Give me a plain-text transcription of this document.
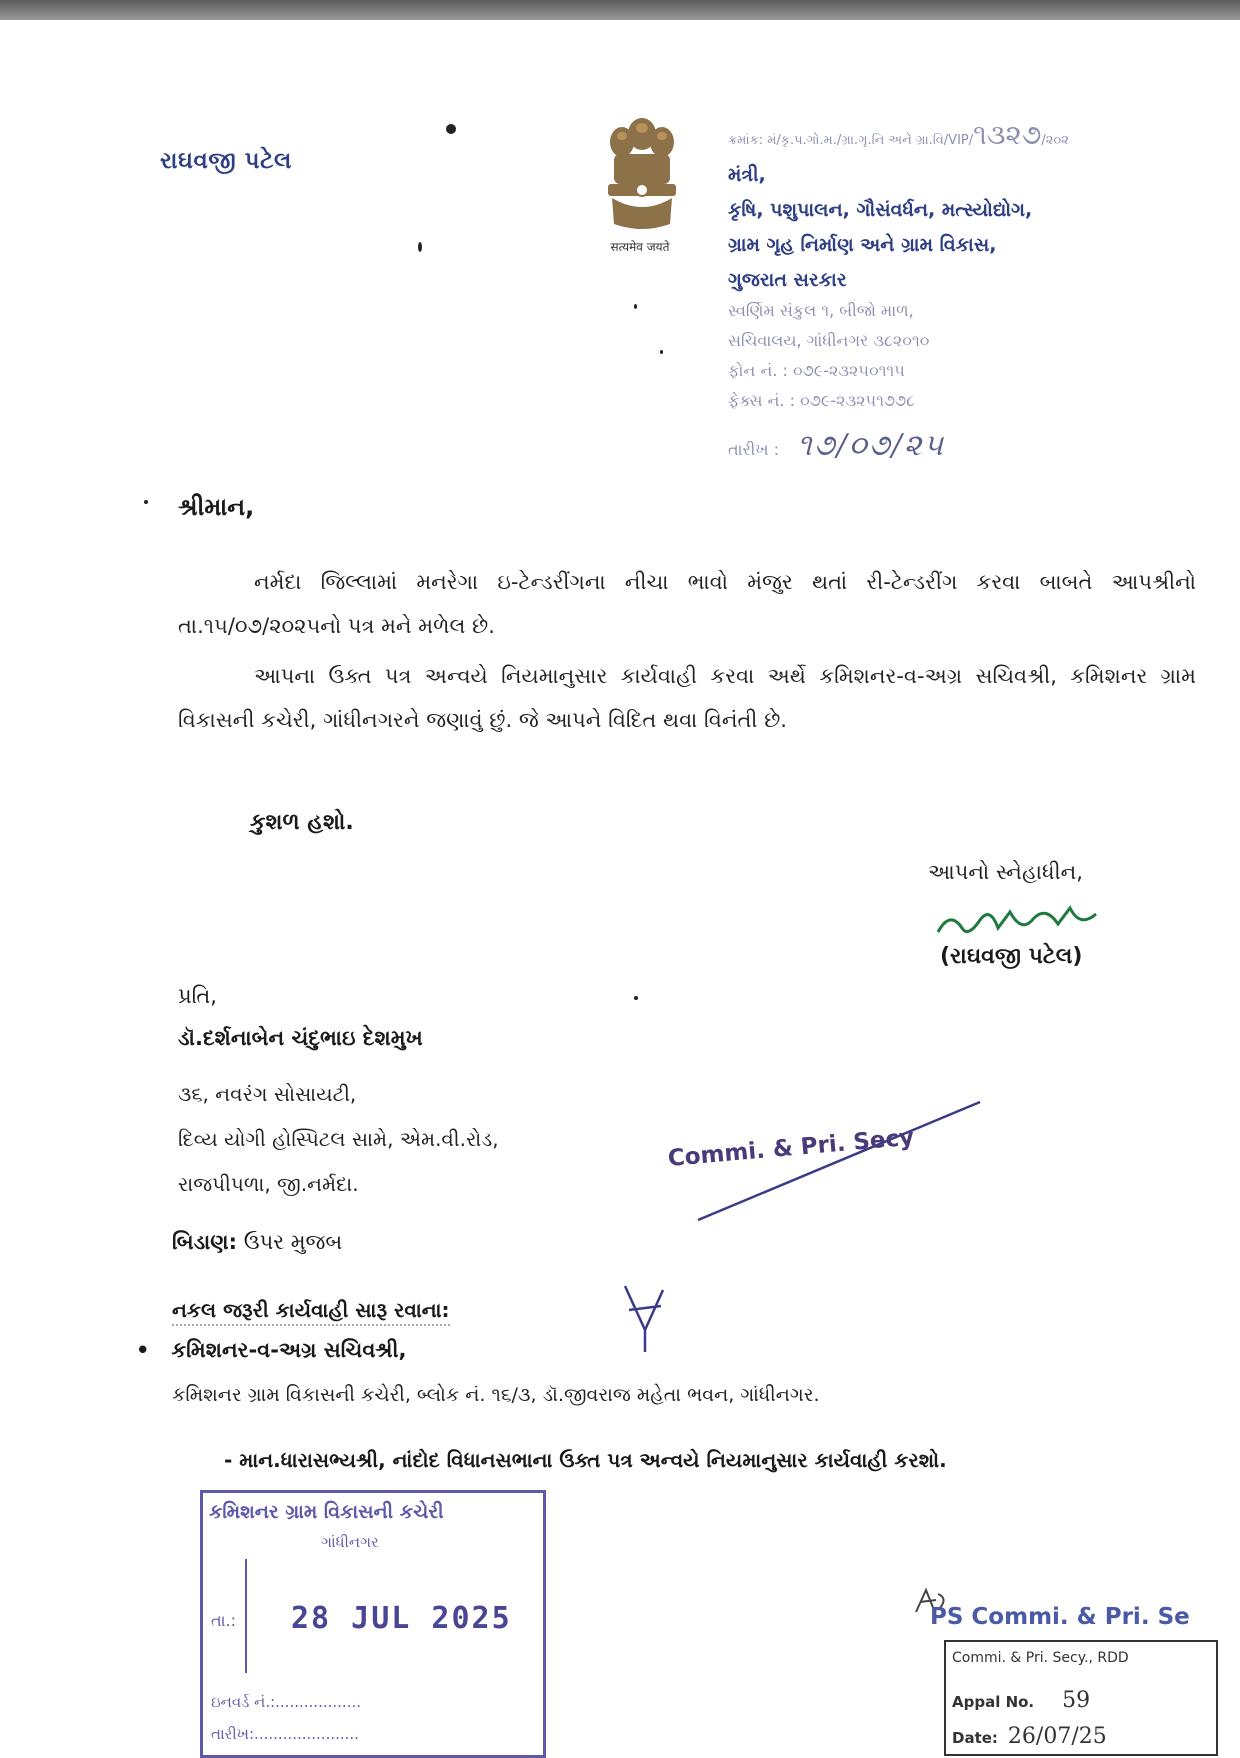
રાઘવજી પટેલ
सत्यमेव जयते
ક્રમાંક: મં/કૃ.પ.ગો.મ./ગ્રા.ગૃ.નિ અને ગ્રા.વિ/VIP/૧૩૨૭/૨૦૨
મંત્રી,
કૃષિ, પશુપાલન, ગૌસંવર્ધન, મત્સ્યોદ્યોગ,
ગ્રામ ગૃહ નિર્માણ અને ગ્રામ વિકાસ,
ગુજરાત સરકાર
સ્વર્ણિમ સંકુલ ૧, બીજો માળ,
સચિવાલય, ગાંધીનગર ૩૮૨૦૧૦
ફોન નં. : ૦૭૯-૨૩૨૫૦૧૧૫
ફેક્સ નં. : ૦૭૯-૨૩૨૫૧૭૭૮
તારીખ : ૧૭/૦૭/૨૫
શ્રીમાન,
નર્મદા જિલ્લામાં મનરેગા ઇ-ટેન્ડરીંગના નીચા ભાવો મંજુર થતાં રી-ટેન્ડરીંગ કરવા બાબતે આપશ્રીનો તા.૧૫/૦૭/૨૦૨૫નો પત્ર મને મળેલ છે.
આપના ઉક્ત પત્ર અન્વયે નિયમાનુસાર કાર્યવાહી કરવા અર્થે કમિશનર-વ-અગ્ર સચિવશ્રી, કમિશનર ગ્રામ વિકાસની કચેરી, ગાંધીનગરને જણાવું છું. જે આપને વિદિત થવા વિનંતી છે.
કુશળ હશો.
આપનો સ્નેહાધીન,
(રાઘવજી પટેલ)
પ્રતિ,
ડૉ.દર્શનાબેન ચંદુભાઇ દેશમુખ
૩૬, નવરંગ સોસાયટી,
દિવ્ય યોગી હોસ્પિટલ સામે, એમ.વી.રોડ,
રાજપીપળા, જી.નર્મદા.
Commi. & Pri. Secy
બિડાણ: ઉપર મુજબ
નકલ જરૂરી કાર્યવાહી સારૂ રવાના:
•   કમિશનર-વ-અગ્ર સચિવશ્રી,
કમિશનર ગ્રામ વિકાસની કચેરી, બ્લોક નં. ૧૬/૩, ડૉ.જીવરાજ મહેતા ભવન, ગાંધીનગર.
- માન.ધારાસભ્યશ્રી, નાંદોદ વિધાનસભાના ઉક્ત પત્ર અન્વયે નિયમાનુસાર કાર્યવાહી કરશો.
કમિશનર ગ્રામ વિકાસની કચેરી
ગાંધીનગર
તા.: 28 JUL 2025
ઇનવર્ડ નં.:..................
તારીખ:......................
PS Commi. & Pri. Se
Commi. & Pri. Secy., RDD
Appal No. 59
Date: 26/07/25
